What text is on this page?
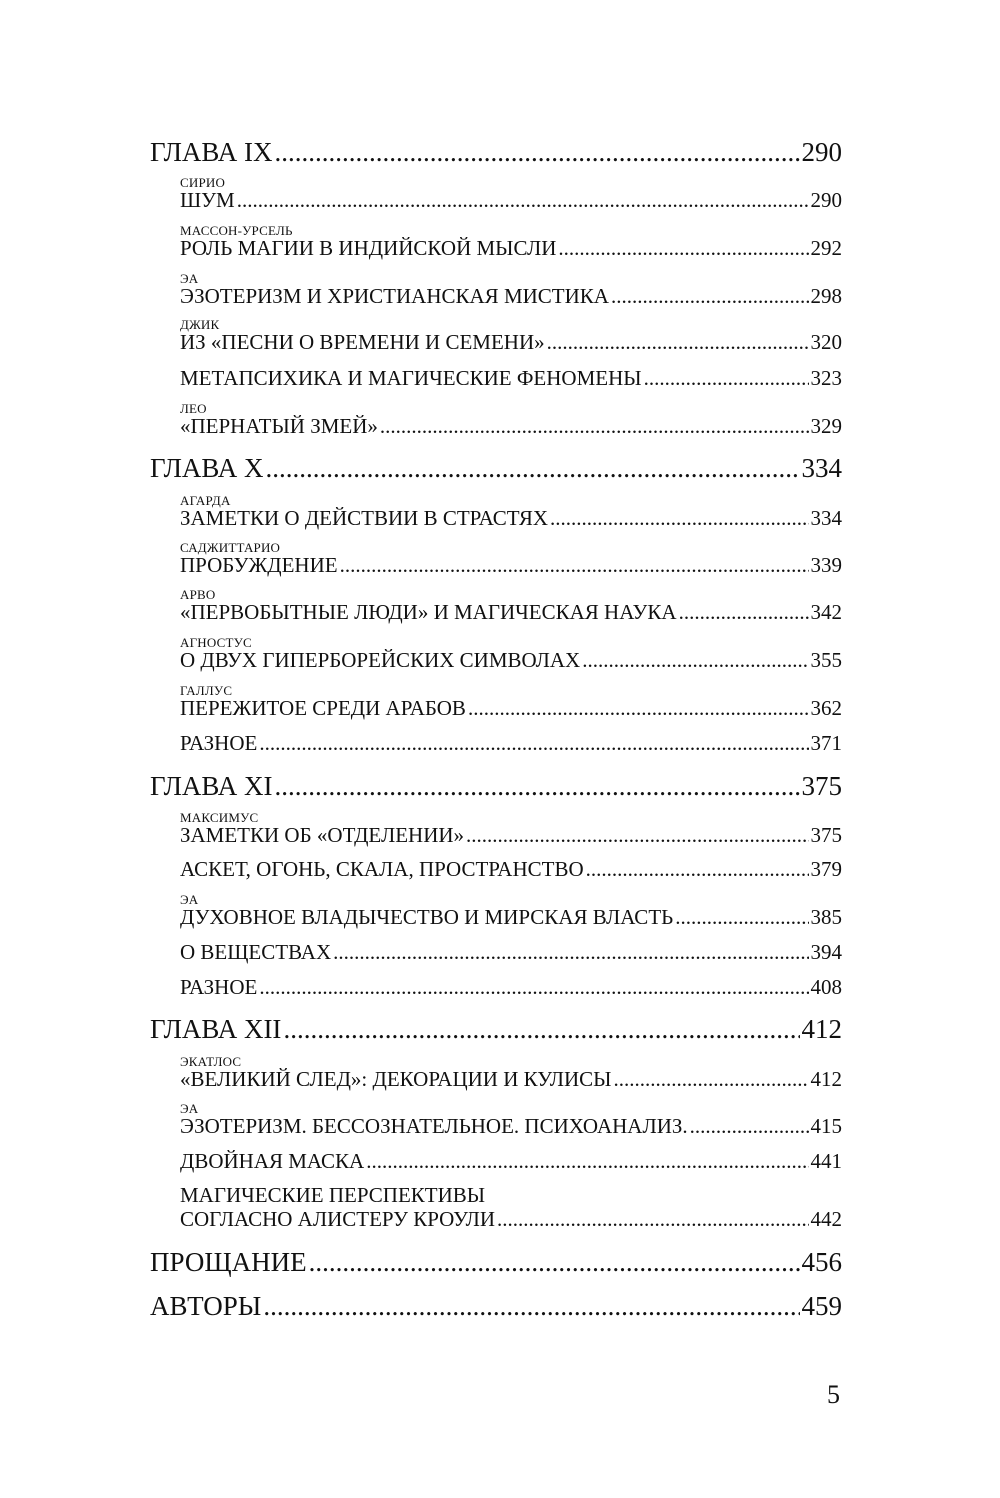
ГЛАВА IX .....	290
СИРИО
ШУМ .....	290
МАССОН-УРСЕЛЬ
РОЛЬ МАГИИ В ИНДИЙСКОЙ МЫСЛИ .....	292
ЭА
ЭЗОТЕРИЗМ И ХРИСТИАНСКАЯ МИСТИКА .....	298
ДЖИК
ИЗ «ПЕСНИ О ВРЕМЕНИ И СЕМЕНИ» .....	320
МЕТАПСИХИКА И МАГИЧЕСКИЕ ФЕНОМЕНЫ .....	323
ЛЕО
«ПЕРНАТЫЙ ЗМЕЙ» .....	329
ГЛАВА X .....	334
АГАРДА
ЗАМЕТКИ О ДЕЙСТВИИ В СТРАСТЯХ .....	334
САДЖИТТАРИО
ПРОБУЖДЕНИЕ .....	339
АРВО
«ПЕРВОБЫТНЫЕ ЛЮДИ» И МАГИЧЕСКАЯ НАУКА .....	342
АГНОСТУС
О ДВУХ ГИПЕРБОРЕЙСКИХ СИМВОЛАХ .....	355
ГАЛЛУС
ПЕРЕЖИТОЕ СРЕДИ АРАБОВ .....	362
РАЗНОЕ .....	371
ГЛАВА XI .....	375
МАКСИМУС
ЗАМЕТКИ ОБ «ОТДЕЛЕНИИ» .....	375
АСКЕТ, ОГОНЬ, СКАЛА, ПРОСТРАНСТВО .....	379
ЭА
ДУХОВНОЕ ВЛАДЫЧЕСТВО И МИРСКАЯ ВЛАСТЬ .....	385
О ВЕЩЕСТВАХ .....	394
РАЗНОЕ .....	408
ГЛАВА XII .....	412
ЭКАТЛОС
«ВЕЛИКИЙ СЛЕД»: ДЕКОРАЦИИ И КУЛИСЫ .....	412
ЭА
ЭЗОТЕРИЗМ. БЕССОЗНАТЕЛЬНОЕ. ПСИХОАНАЛИЗ. .....	415
ДВОЙНАЯ МАСКА .....	441
МАГИЧЕСКИЕ ПЕРСПЕКТИВЫ
СОГЛАСНО АЛИСТЕРУ КРОУЛИ .....	442
ПРОЩАНИЕ .....	456
АВТОРЫ .....	459
5
